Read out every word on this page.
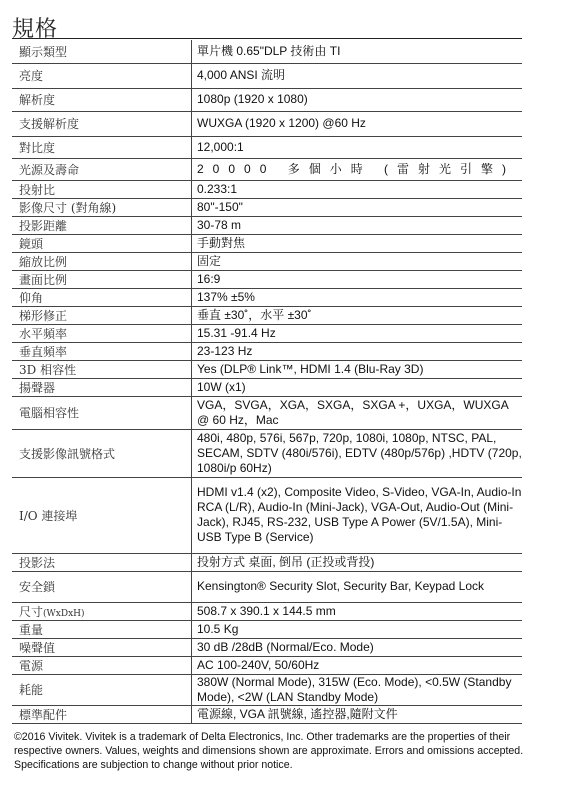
規格
顯示類型	單片機 0.65"DLP 技術由 TI
亮度	4,000 ANSI 流明
解析度	1080p (1920 x 1080)
支援解析度	WUXGA (1920 x 1200) @60 Hz
對比度	12,000:1
光源及壽命	20000 多個小時 (雷射光引擎)
投射比	0.233:1
影像尺寸 (對角線)	80"-150"
投影距離	30-78 m
鏡頭	手動對焦
縮放比例	固定
畫面比例	16:9
仰角	137% ±5%
梯形修正	垂直 ±30˚，水平 ±30˚
水平頻率	15.31 -91.4 Hz
垂直頻率	23-123 Hz
3D 相容性	Yes (DLP® Link™, HDMI 1.4 (Blu-Ray 3D)
揚聲器	10W (x1)
電腦相容性	VGA，SVGA，XGA，SXGA，SXGA +，UXGA，WUXGA @ 60 Hz，Mac
支援影像訊號格式	480i, 480p, 576i, 567p, 720p, 1080i, 1080p, NTSC, PAL, SECAM, SDTV (480i/576i), EDTV (480p/576p) ,HDTV (720p, 1080i/p 60Hz)
I/O 連接埠	HDMI v1.4 (x2), Composite Video, S-Video, VGA-In, Audio-In RCA (L/R), Audio-In (Mini-Jack), VGA-Out, Audio-Out (Mini-Jack), RJ45, RS-232, USB Type A Power (5V/1.5A), Mini-USB Type B (Service)
投影法	投射方式 桌面, 倒吊 (正投或背投)
安全鎖	Kensington® Security Slot, Security Bar, Keypad Lock
尺寸(WxDxH)	508.7 x 390.1 x 144.5 mm
重量	10.5 Kg
噪聲值	30 dB /28dB (Normal/Eco. Mode)
電源	AC 100-240V, 50/60Hz
耗能	380W (Normal Mode), 315W (Eco. Mode), <0.5W (Standby Mode), <2W (LAN Standby Mode)
標準配件	電源線, VGA 訊號線, 遙控器,隨附文件
©2016 Vivitek. Vivitek is a trademark of Delta Electronics, Inc. Other trademarks are the properties of their respective owners. Values, weights and dimensions shown are approximate. Errors and omissions accepted. Specifications are subjection to change without prior notice.
